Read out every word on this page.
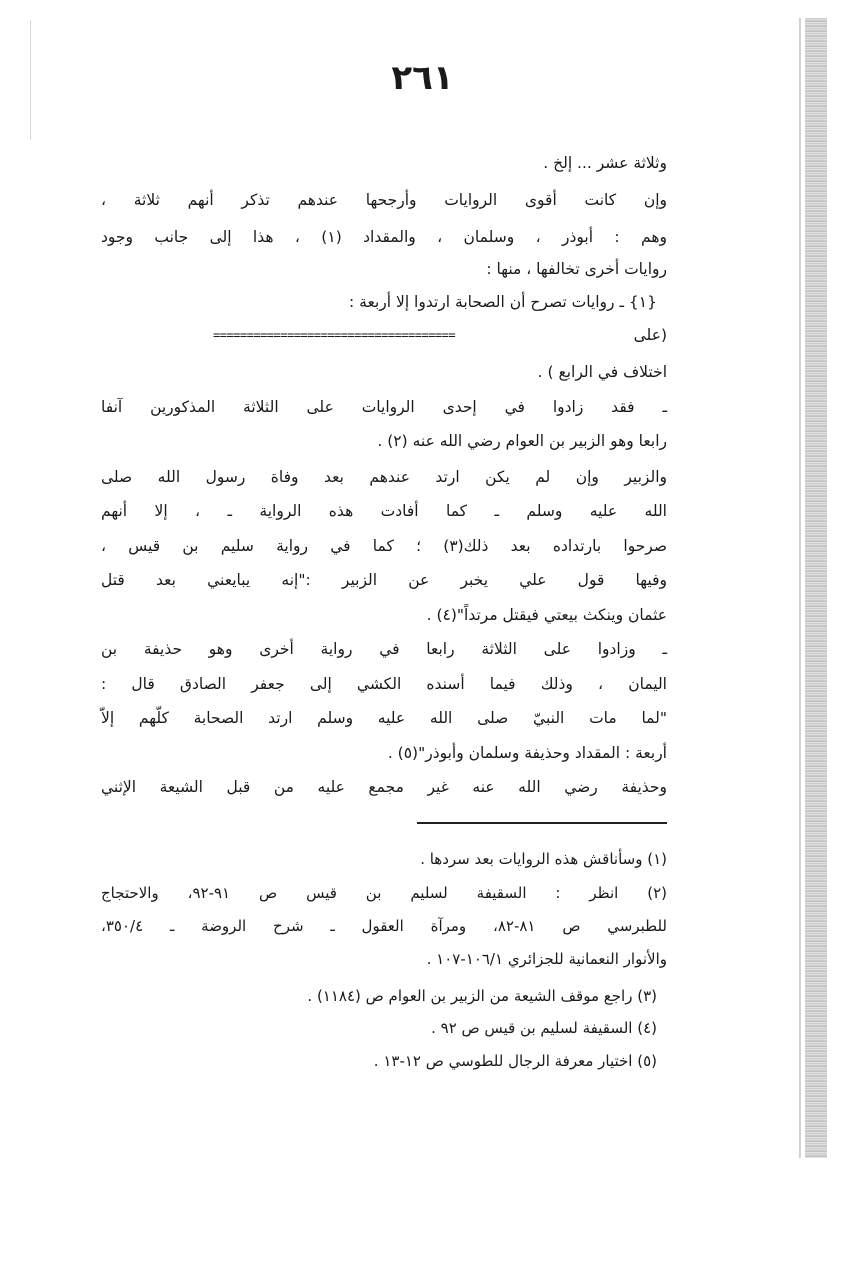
٢٦١
وثلاثة عشر ... إلخ .
وإن كانت أقوى الروايات وأرجحها عندهم تذكر أنهم ثلاثة ،
وهم : أبوذر ، وسلمان ، والمقداد (١) ، هذا إلى جانب وجود
روايات أخرى تخالفها ، منها :
{١} ـ روايات تصرح أن الصحابة ارتدوا إلا أربعة :
(على
====================================
اختلاف في الرابع ) .
ـ فقد زادوا في إحدى الروايات على الثلاثة المذكورين آنفا
رابعا وهو الزبير بن العوام رضي الله عنه (٢) .
والزبير وإن لم يكن ارتد عندهم بعد وفاة رسول الله صلى
الله عليه وسلم ـ كما أفادت هذه الرواية ـ ، إلا أنهم
صرحوا بارتداده بعد ذلك(٣) ؛ كما في رواية سليم بن قيس ،
وفيها قول علي يخبر عن الزبير :"إنه يبايعني بعد قتل
عثمان وينكث بيعتي فيقتل مرتداً"(٤) .
ـ وزادوا على الثلاثة رابعا في رواية أخرى وهو حذيفة بن
اليمان ، وذلك فيما أسنده الكشي إلى جعفر الصادق قال :
"لما مات النبيّ صلى الله عليه وسلم ارتد الصحابة كلّهم إلاّ
أربعة : المقداد وحذيفة وسلمان وأبوذر"(٥) .
وحذيفة رضي الله عنه غير مجمع عليه من قبل الشيعة الإثني
(١) وسأناقش هذه الروايات بعد سردها .
(٢) انظر : السقيفة لسليم بن قيس ص ٩١-٩٢، والاحتجاج
للطبرسي ص ٨١-٨٢، ومرآة العقول ـ شرح الروضة ـ ٣٥٠/٤،
والأنوار النعمانية للجزائري ١٠٦/١-١٠٧ .
(٣) راجع موقف الشيعة من الزبير بن العوام ص (١١٨٤) .
(٤) السقيفة لسليم بن قيس ص ٩٢ .
(٥) اختيار معرفة الرجال للطوسي ص ١٢-١٣ .
